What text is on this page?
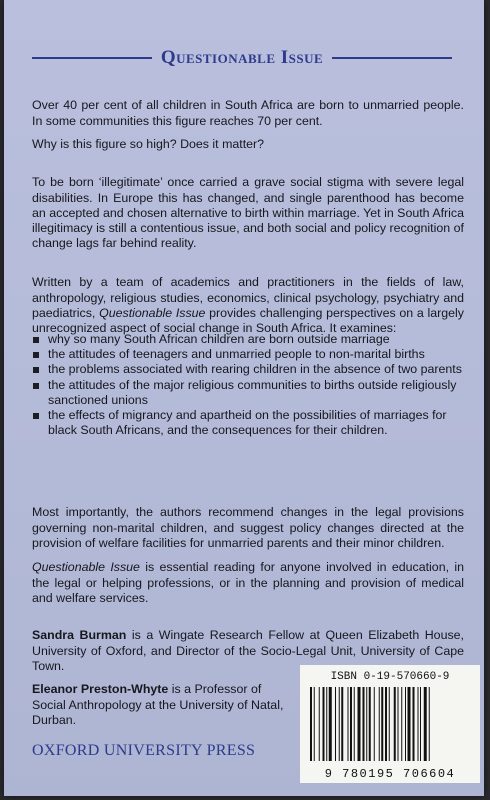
Questionable Issue

Over 40 per cent of all children in South Africa are born to unmarried people. In some communities this figure reaches 70 per cent.

Why is this figure so high? Does it matter?

To be born ‘illegitimate’ once carried a grave social stigma with severe legal disabilities. In Europe this has changed, and single parenthood has become an accepted and chosen alternative to birth within marriage. Yet in South Africa illegitimacy is still a contentious issue, and both social and policy recognition of change lags far behind reality.

Written by a team of academics and practitioners in the fields of law, anthropology, religious studies, economics, clinical psychology, psychiatry and paediatrics, Questionable Issue provides challenging perspectives on a largely unrecognized aspect of social change in South Africa. It examines:

why so many South African children are born outside marriage
the attitudes of teenagers and unmarried people to non-marital births
the problems associated with rearing children in the absence of two parents
the attitudes of the major religious communities to births outside religiously sanctioned unions
the effects of migrancy and apartheid on the possibilities of marriages for black South Africans, and the consequences for their children.

Most importantly, the authors recommend changes in the legal provisions governing non-marital children, and suggest policy changes directed at the provision of welfare facilities for unmarried parents and their minor children.

Questionable Issue is essential reading for anyone involved in education, in the legal or helping professions, or in the planning and provision of medical and welfare services.

Sandra Burman is a Wingate Research Fellow at Queen Elizabeth House, University of Oxford, and Director of the Socio-Legal Unit, University of Cape Town.

Eleanor Preston-Whyte is a Professor of Social Anthropology at the University of Natal, Durban.

OXFORD UNIVERSITY PRESS
ISBN 0-19-570660-9
9 780195 706604
